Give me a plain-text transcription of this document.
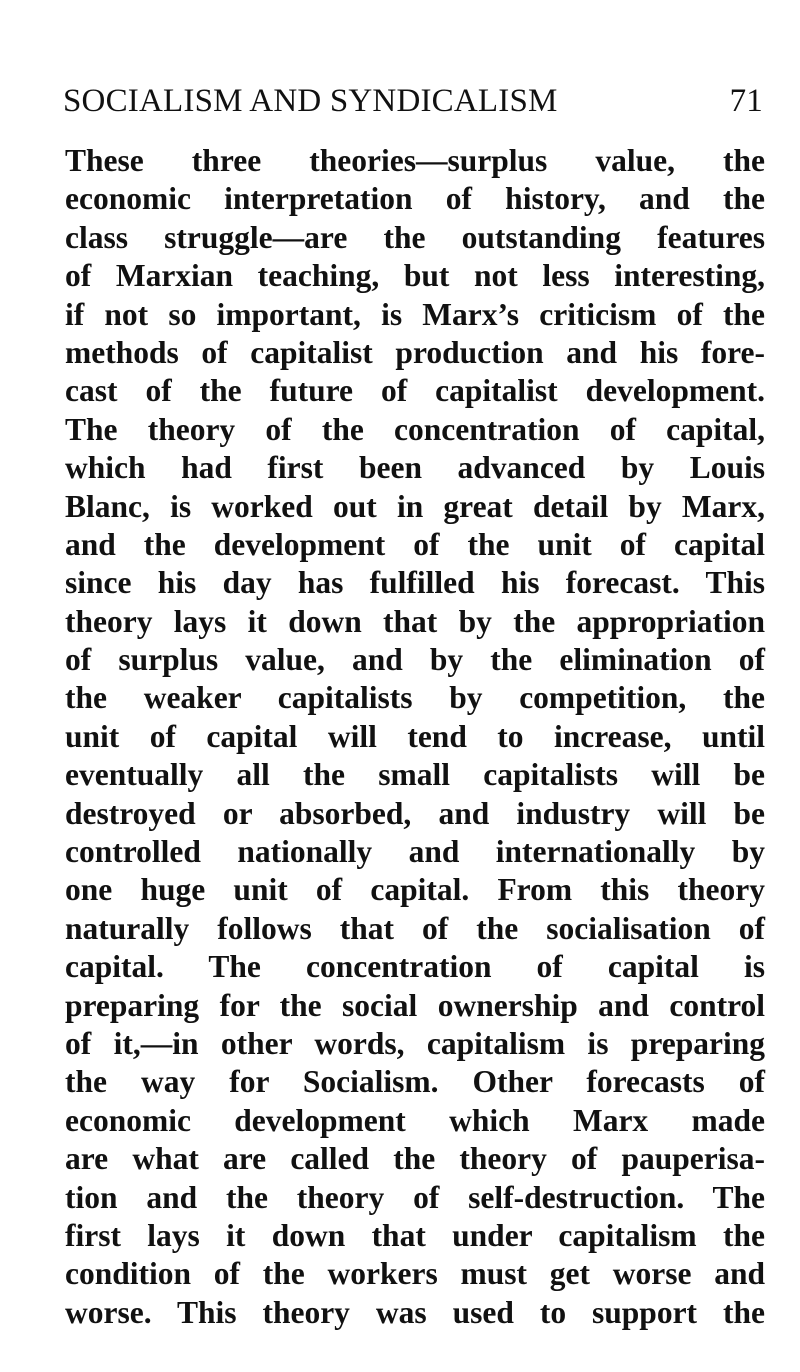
SOCIALISM AND SYNDICALISM	71
These three theories—surplus value, the
economic interpretation of history, and the
class struggle—are the outstanding features
of Marxian teaching, but not less interesting,
if not so important, is Marx’s criticism of the
methods of capitalist production and his fore-
cast of the future of capitalist development.
The theory of the concentration of capital,
which had first been advanced by Louis
Blanc, is worked out in great detail by Marx,
and the development of the unit of capital
since his day has fulfilled his forecast. This
theory lays it down that by the appropriation
of surplus value, and by the elimination of
the weaker capitalists by competition, the
unit of capital will tend to increase, until
eventually all the small capitalists will be
destroyed or absorbed, and industry will be
controlled nationally and internationally by
one huge unit of capital. From this theory
naturally follows that of the socialisation of
capital. The concentration of capital is
preparing for the social ownership and control
of it,—in other words, capitalism is preparing
the way for Socialism. Other forecasts of
economic development which Marx made
are what are called the theory of pauperisa-
tion and the theory of self-destruction. The
first lays it down that under capitalism the
condition of the workers must get worse and
worse. This theory was used to support the
